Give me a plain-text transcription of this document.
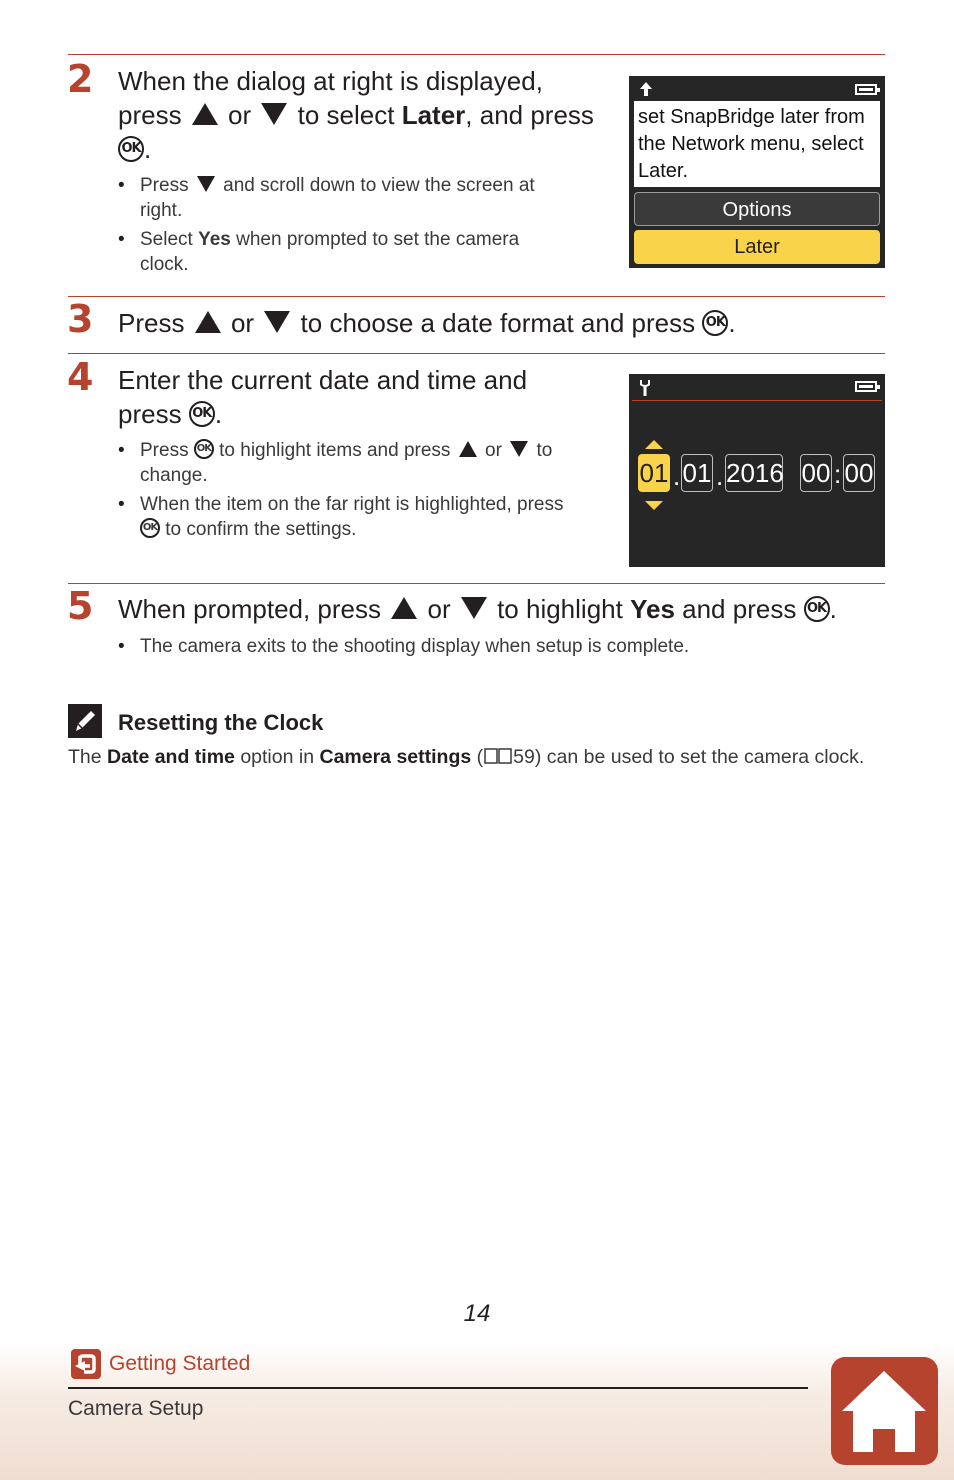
2 When the dialog at right is displayed,
press or to select Later, and press
OK .
• Press and scroll down to view the screen at right.
• Select Yes when prompted to set the camera clock.
set SnapBridge later from the Network menu, select Later.
Options
Later
3 Press or to choose a date format and press OK .
4 Enter the current date and time and
press OK .
• Press OK to highlight items and press or to change.
• When the item on the far right is highlighted, press OK to confirm the settings.
01 . 01 . 2016 00 : 00
5 When prompted, press or to highlight Yes and press OK .
• The camera exits to the shooting display when setup is complete.
Resetting the Clock
The Date and time option in Camera settings ( 59) can be used to set the camera clock.
14
Getting Started
Camera Setup
